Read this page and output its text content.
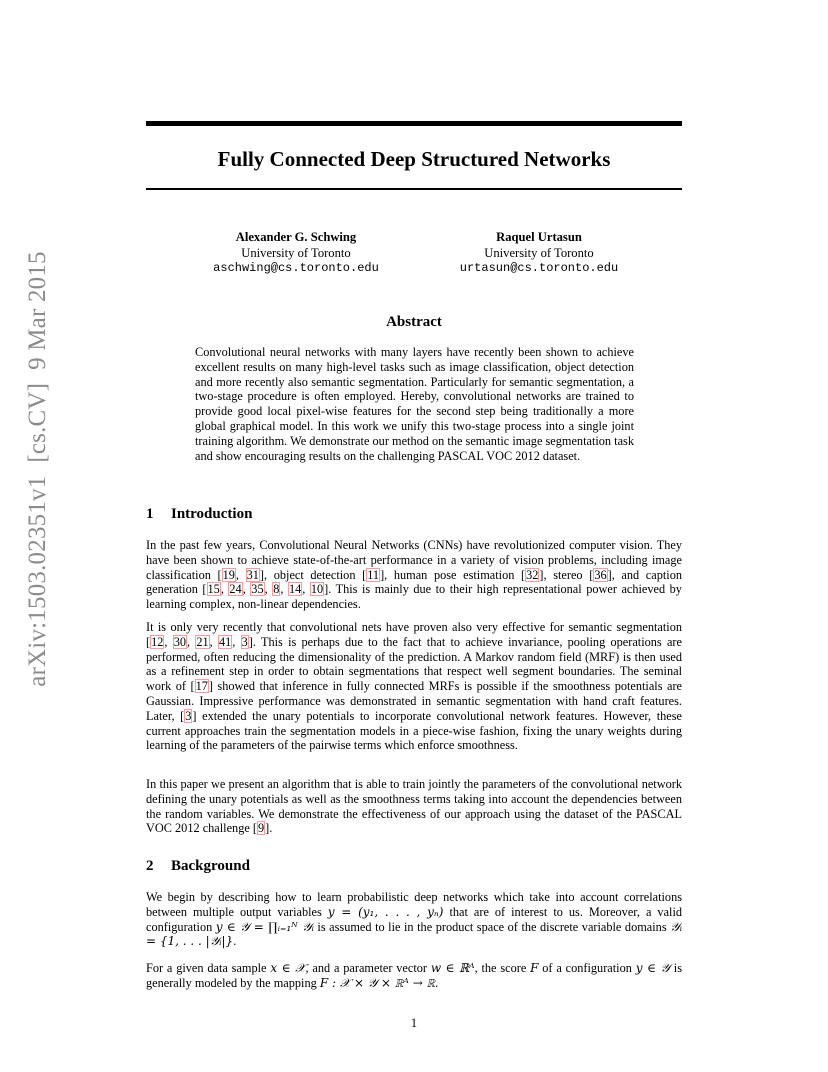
Fully Connected Deep Structured Networks
Alexander G. Schwing
University of Toronto
aschwing@cs.toronto.edu
Raquel Urtasun
University of Toronto
urtasun@cs.toronto.edu
arXiv:1503.02351v1  [cs.CV]  9 Mar 2015	Abstract

Convolutional neural networks with many layers have recently been shown to achieve excellent results on many high-level tasks such as image classification, object detection and more recently also semantic segmentation. Particularly for semantic segmentation, a two-stage procedure is often employed. Hereby, convolutional networks are trained to provide good local pixel-wise features for the second step being traditionally a more global graphical model. In this work we unify this two-stage process into a single joint training algorithm. We demonstrate our method on the semantic image segmentation task and show encouraging results on the challenging PASCAL VOC 2012 dataset.

1 Introduction

In the past few years, Convolutional Neural Networks (CNNs) have revolutionized computer vision. They have been shown to achieve state-of-the-art performance in a variety of vision problems, including image classification [19, 31], object detection [11], human pose estimation [32], stereo [36], and caption generation [15, 24, 35, 8, 14, 10]. This is mainly due to their high representational power achieved by learning complex, non-linear dependencies.

It is only very recently that convolutional nets have proven also very effective for semantic segmentation [12, 30, 21, 41, 3]. This is perhaps due to the fact that to achieve invariance, pooling operations are performed, often reducing the dimensionality of the prediction. A Markov random field (MRF) is then used as a refinement step in order to obtain segmentations that respect well segment boundaries. The seminal work of [17] showed that inference in fully connected MRFs is possible if the smoothness potentials are Gaussian. Impressive performance was demonstrated in semantic segmentation with hand craft features. Later, [3] extended the unary potentials to incorporate convolutional network features. However, these current approaches train the segmentation models in a piece-wise fashion, fixing the unary weights during learning of the parameters of the pairwise terms which enforce smoothness.

In this paper we present an algorithm that is able to train jointly the parameters of the convolutional network defining the unary potentials as well as the smoothness terms taking into account the dependencies between the random variables. We demonstrate the effectiveness of our approach using the dataset of the PASCAL VOC 2012 challenge [9].

2 Background

We begin by describing how to learn probabilistic deep networks which take into account correlations between multiple output variables y = (y₁, . . . , yₙ) that are of interest to us. Moreover, a valid configuration y ∈ 𝒴 = ∏ᵢ₌₁ᴺ 𝒴ᵢ is assumed to lie in the product space of the discrete variable domains 𝒴ᵢ = {1, . . . |𝒴ᵢ|}.

For a given data sample x ∈ 𝒳, and a parameter vector w ∈ ℝᴬ, the score F of a configuration y ∈ 𝒴 is generally modeled by the mapping F : 𝒳 × 𝒴 × ℝᴬ → ℝ.

1
